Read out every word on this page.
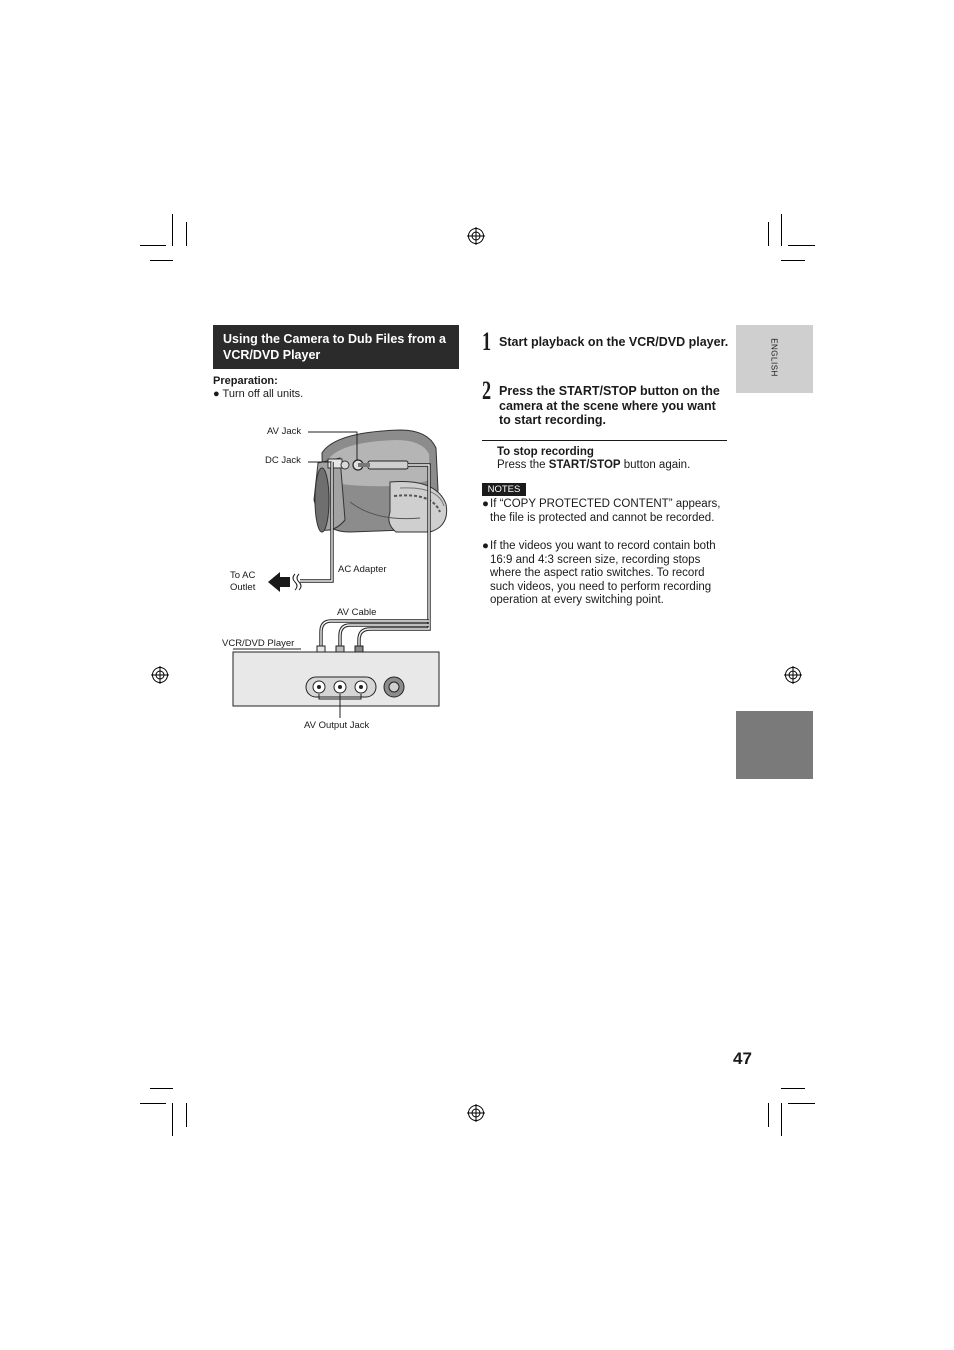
Using the Camera to Dub Files from a VCR/DVD Player
Preparation:
● Turn off all units.
AV Jack
DC Jack
To AC
Outlet
AC Adapter
AV Cable
VCR/DVD Player
AV Output Jack
1 Start playback on the VCR/DVD player.
2 Press the START/STOP button on the camera at the scene where you want to start recording.
To stop recording
Press the START/STOP button again.
NOTES
● If “COPY PROTECTED CONTENT” appears, the file is protected and cannot be recorded.
● If the videos you want to record contain both 16:9 and 4:3 screen size, recording stops where the aspect ratio switches. To record such videos, you need to perform recording operation at every switching point.
ENGLISH
47
